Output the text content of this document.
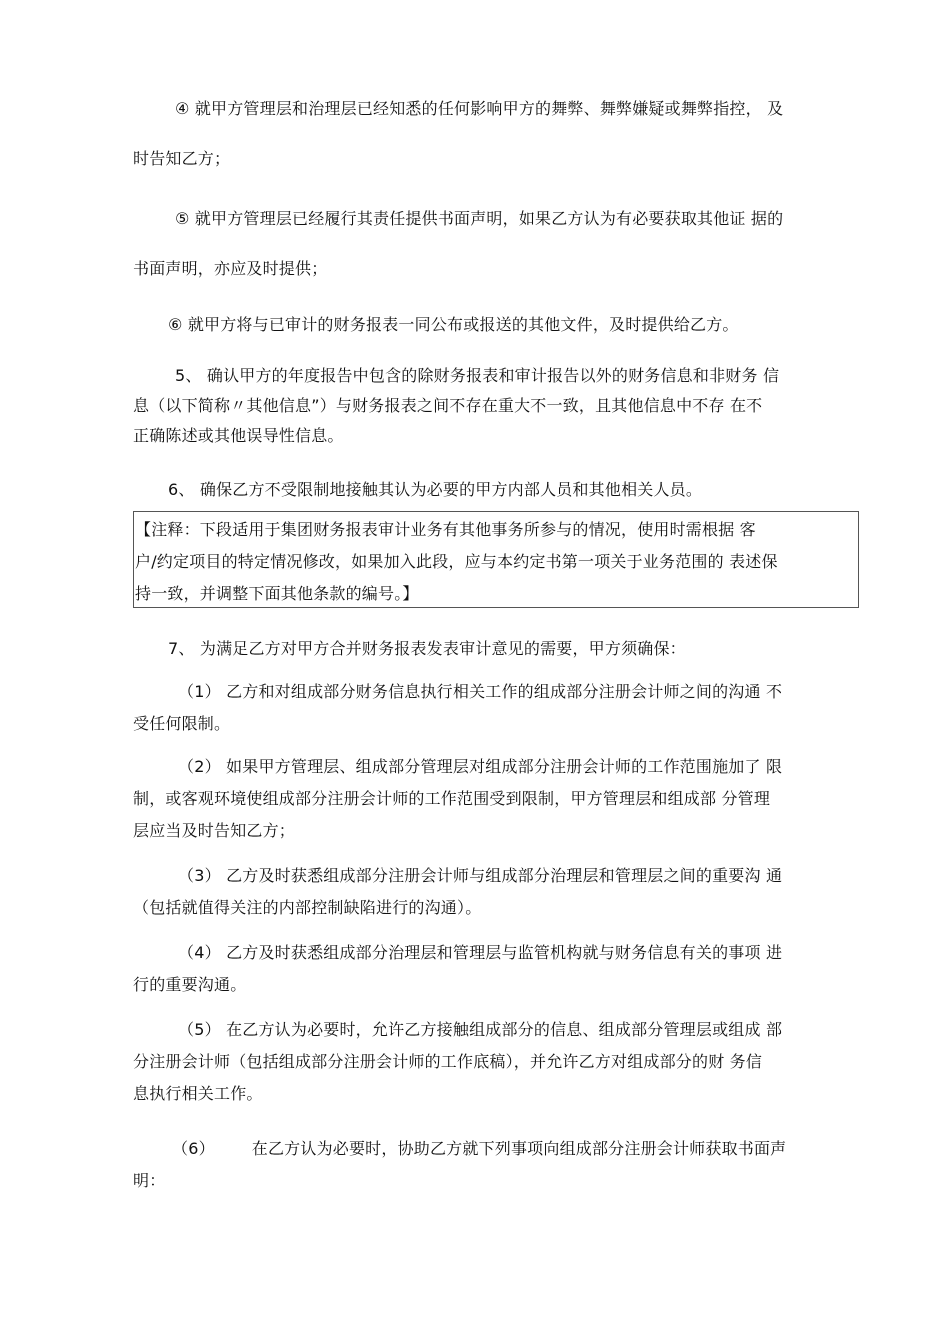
④ 就甲方管理层和治理层已经知悉的任何影响甲方的舞弊、舞弊嫌疑或舞弊指控， 及
时告知乙方；
⑤ 就甲方管理层已经履行其责任提供书面声明，如果乙方认为有必要获取其他证 据的
书面声明，亦应及时提供；
⑥ 就甲方将与已审计的财务报表一同公布或报送的其他文件，及时提供给乙方。
5、 确认甲方的年度报告中包含的除财务报表和审计报告以外的财务信息和非财务 信
息（以下简称〃其他信息”）与财务报表之间不存在重大不一致，且其他信息中不存 在不
正确陈述或其他误导性信息。
6、 确保乙方不受限制地接触其认为必要的甲方内部人员和其他相关人员。
【注释：下段适用于集团财务报表审计业务有其他事务所参与的情况，使用时需根据 客
户/约定项目的特定情况修改，如果加入此段，应与本约定书第一项关于业务范围的 表述保
持一致，并调整下面其他条款的编号。】
7、 为满足乙方对甲方合并财务报表发表审计意见的需要，甲方须确保：
（1） 乙方和对组成部分财务信息执行相关工作的组成部分注册会计师之间的沟通 不
受任何限制。
（2） 如果甲方管理层、组成部分管理层对组成部分注册会计师的工作范围施加了 限
制，或客观环境使组成部分注册会计师的工作范围受到限制，甲方管理层和组成部 分管理
层应当及时告知乙方；
（3） 乙方及时获悉组成部分注册会计师与组成部分治理层和管理层之间的重要沟 通
（包括就值得关注的内部控制缺陷进行的沟通）。
（4） 乙方及时获悉组成部分治理层和管理层与监管机构就与财务信息有关的事项 进
行的重要沟通。
（5） 在乙方认为必要时，允许乙方接触组成部分的信息、组成部分管理层或组成 部
分注册会计师（包括组成部分注册会计师的工作底稿），并允许乙方对组成部分的财 务信
息执行相关工作。
（6）       在乙方认为必要时，协助乙方就下列事项向组成部分注册会计师获取书面声
明：
